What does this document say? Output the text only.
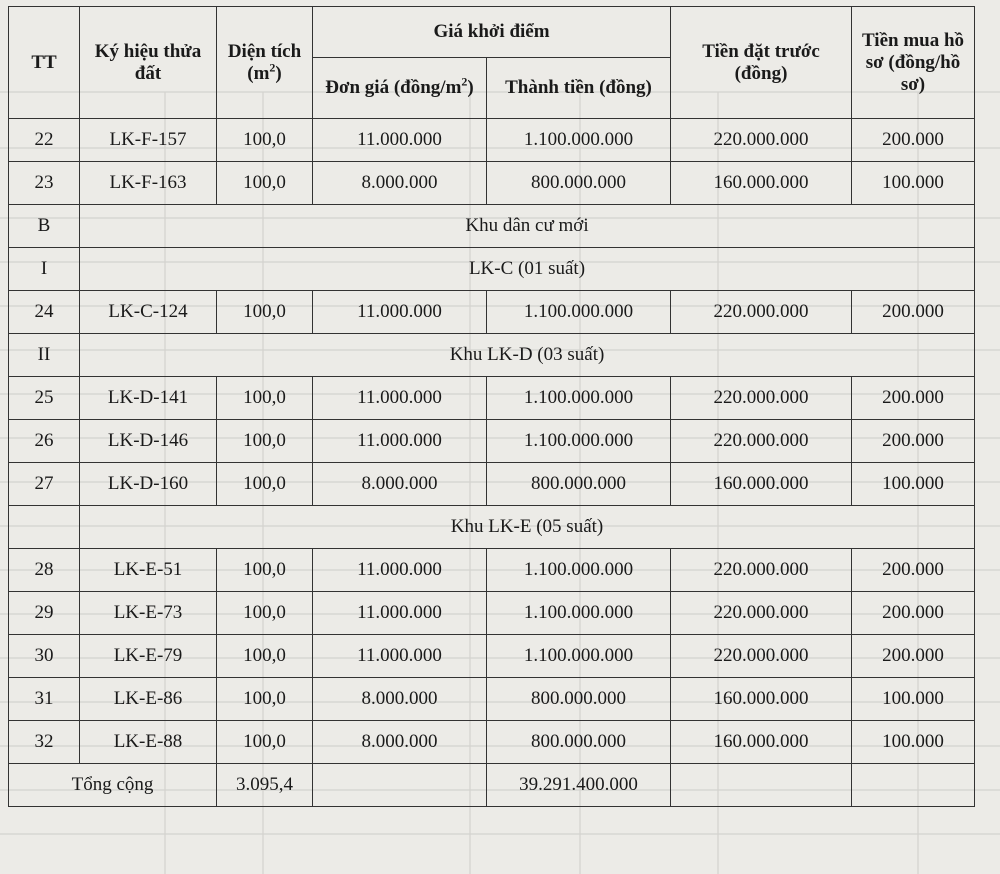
TT	Ký hiệu thửa đất	Diện tích $(m^2)$	Giá khởi điểm		Tiền đặt trước (đồng)	Tiền mua hồ sơ (đồng/hồ sơ)
			Đơn giá $(đồng/m^2)$	Thành tiền (đồng)		
22	LK-F-157	100,0	11.000.000	1.100.000.000	220.000.000	200.000
23	LK-F-163	100,0	8.000.000	800.000.000	160.000.000	100.000
B	Khu dân cư mới					
I	LK-C (01 suất)					
24	LK-C-124	100,0	11.000.000	1.100.000.000	220.000.000	200.000
II	Khu LK-D (03 suất)					
25	LK-D-141	100,0	11.000.000	1.100.000.000	220.000.000	200.000
26	LK-D-146	100,0	11.000.000	1.100.000.000	220.000.000	200.000
27	LK-D-160	100,0	8.000.000	800.000.000	160.000.000	100.000
	Khu LK-E (05 suất)					
28	LK-E-51	100,0	11.000.000	1.100.000.000	220.000.000	200.000
29	LK-E-73	100,0	11.000.000	1.100.000.000	220.000.000	200.000
30	LK-E-79	100,0	11.000.000	1.100.000.000	220.000.000	200.000
31	LK-E-86	100,0	8.000.000	800.000.000	160.000.000	100.000
32	LK-E-88	100,0	8.000.000	800.000.000	160.000.000	100.000
Tổng cộng		3.095,4		39.291.400.000		
